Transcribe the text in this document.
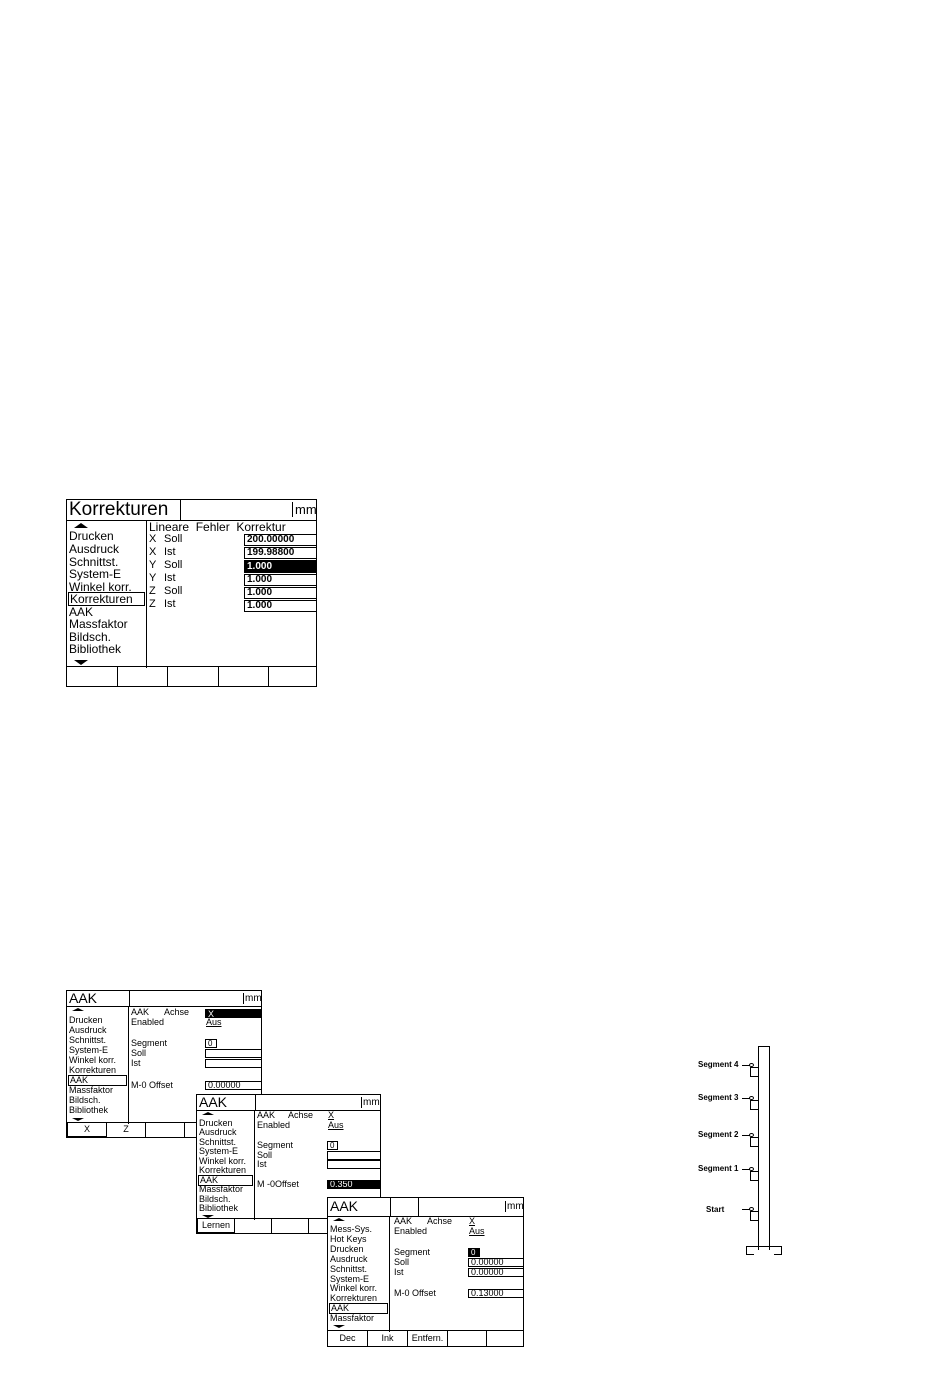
Korrekturen	mm
Drucken
Ausdruck
Schnittst.
System-E
Winkel korr.
Korrekturen
AAK
Massfaktor
Bildsch.
Bibliothek
Lineare  Fehler  Korrektur
X Soll	200.00000
X Ist	199.98800
Y Soll	1.000
Y Ist	1.000
Z Soll	1.000
Z Ist	1.000
AAK	mm
Drucken
Ausdruck
Schnittst.
System-E
Winkel korr.
Korrekturen
AAK
Massfaktor
Bildsch.
Bibliothek
AAK Achse	X
Enabled	Aus
Segment	0
Soll
Ist
M-0 Offset	0.00000
X	Z
AAK	mm
Drucken
Ausdruck
Schnittst.
System-E
Winkel korr.
Korrekturen
AAK
Massfaktor
Bildsch.
Bibliothek
AAK Achse X
Enabled	Aus
Segment	0
Soll
Ist
M -0Offset	0.350
Lernen
AAK	mm
Mess-Sys.
Hot Keys
Drucken
Ausdruck
Schnittst.
System-E
Winkel korr.
Korrekturen
AAK
Massfaktor
AAK Achse X
Enabled	Aus
Segment	0
Soll	0.00000
Ist	0.00000
M-0 Offset	0.13000
Dec	Ink	Entfern.
Segment 4
Segment 3
Segment 2
Segment 1
Start
